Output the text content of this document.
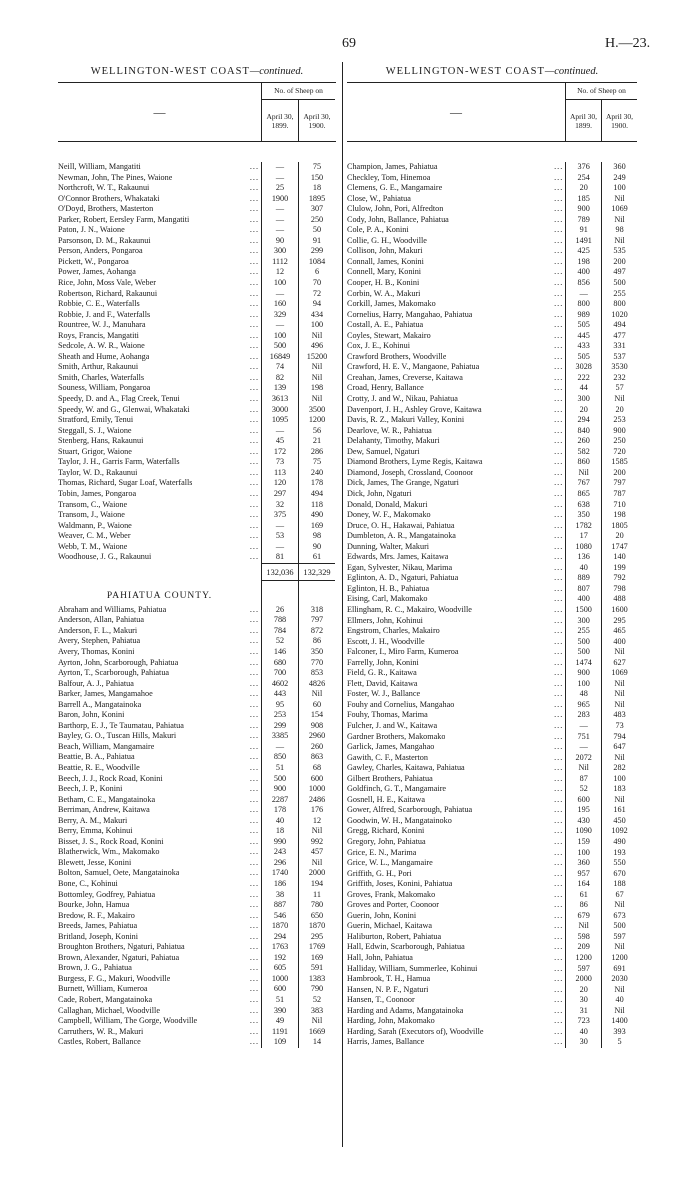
69	H.—23.
WELLINGTON-WEST COAST—continued.
—
No. of Sheep on
April 30, 1899.
April 30, 1900.
Neill, William, Mangatiti	...	—	75
Newman, John, The Pines, Waione	...	—	150
Northcroft, W. T., Rakaunui	...	25	18
O'Connor Brothers, Whakataki	...	1900	1895
O'Doyd, Brothers, Masterton	...	—	307
Parker, Robert, Eersley Farm, Mangatiti	...	—	250
Paton, J. N., Waione	...	—	50
Parsonson, D. M., Rakaunui	...	90	91
Person, Anders, Pongaroa	...	300	299
Pickett, W., Pongaroa	...	1112	1084
Power, James, Aohanga	...	12	6
Rice, John, Moss Vale, Weber	...	100	70
Robertson, Richard, Rakaunui	...	—	72
Robbie, C. E., Waterfalls	...	160	94
Robbie, J. and F., Waterfalls	...	329	434
Rountree, W. J., Manuhara	...	—	100
Roys, Francis, Mangatiti	...	100	Nil
Sedcole, A. W. R., Waione	...	500	496
Sheath and Hume, Aohanga	...	16849	15200
Smith, Arthur, Rakaunui	...	74	Nil
Smith, Charles, Waterfalls	...	82	Nil
Souness, William, Pongaroa	...	139	198
Speedy, D. and A., Flag Creek, Tenui	...	3613	Nil
Speedy, W. and G., Glenwai, Whakataki	...	3000	3500
Stratford, Emily, Tenui	...	1095	1200
Steggall, S. J., Waione	...	—	56
Stenberg, Hans, Rakaunui	...	45	21
Stuart, Grigor, Waione	...	172	286
Taylor, J. H., Garris Farm, Waterfalls	...	73	75
Taylor, W. D., Rakaunui	...	113	240
Thomas, Richard, Sugar Loaf, Waterfalls	...	120	178
Tobin, James, Pongaroa	...	297	494
Transom, C., Waione	...	32	118
Transom, J., Waione	...	375	490
Waldmann, P., Waione	...	—	169
Weaver, C. M., Weber	...	53	98
Webb, T. M., Waione	...	—	90
Woodhouse, J. G., Rakaunui	...	81	61
132,036	132,329
PAHIATUA COUNTY.
Abraham and Williams, Pahiatua	...	26	318
Anderson, Allan, Pahiatua	...	788	797
Anderson, F. L., Makuri	...	784	872
Avery, Stephen, Pahiatua	...	52	86
Avery, Thomas, Konini	...	146	350
Ayrton, John, Scarborough, Pahiatua	...	680	770
Ayrton, T., Scarborough, Pahiatua	...	700	853
Balfour, A. J., Pahiatua	...	4602	4826
Barker, James, Mangamahoe	...	443	Nil
Barrell A., Mangatainoka	...	95	60
Baron, John, Konini	...	253	154
Barthorp, E. J., Te Taumatau, Pahiatua	...	299	908
Bayley, G. O., Tuscan Hills, Makuri	...	3385	2960
Beach, William, Mangamaire	...	—	260
Beattie, B. A., Pahiatua	...	850	863
Beattie, R. E., Woodville	...	51	68
Beech, J. J., Rock Road, Konini	...	500	600
Beech, J. P., Konini	...	900	1000
Betham, C. E., Mangatainoka	...	2287	2486
Berriman, Andrew, Kaitawa	...	178	176
Berry, A. M., Makuri	...	40	12
Berry, Emma, Kohinui	...	18	Nil
Bisset, J. S., Rock Road, Konini	...	990	992
Blatherwick, Wm., Makomako	...	243	457
Blewett, Jesse, Konini	...	296	Nil
Bolton, Samuel, Oete, Mangatainoka	...	1740	2000
Bone, C., Kohinui	...	186	194
Bottomley, Godfrey, Pahiatua	...	38	11
Bourke, John, Hamua	...	887	780
Bredow, R. F., Makairo	...	546	650
Breeds, James, Pahiatua	...	1870	1870
Britland, Joseph, Konini	...	294	295
Broughton Brothers, Ngaturi, Pahiatua	...	1763	1769
Brown, Alexander, Ngaturi, Pahiatua	...	192	169
Brown, J. G., Pahiatua	...	605	591
Burgess, F. G., Makuri, Woodville	...	1000	1383
Burnett, William, Kumeroa	...	600	790
Cade, Robert, Mangatainoka	...	51	52
Callaghan, Michael, Woodville	...	390	383
Campbell, William, The Gorge, Woodville	...	49	Nil
Carruthers, W. R., Makuri	...	1191	1669
Castles, Robert, Ballance	...	109	14
WELLINGTON-WEST COAST—continued.
—
No. of Sheep on
April 30, 1899.
April 30, 1900.
Champion, James, Pahiatua	...	376	360
Checkley, Tom, Hinemoa	...	254	249
Clemens, G. E., Mangamaire	...	20	100
Close, W., Pahiatua	...	185	Nil
Clulow, John, Pori, Alfredton	...	900	1069
Cody, John, Ballance, Pahiatua	...	789	Nil
Cole, P. A., Konini	...	91	98
Collie, G. H., Woodville	...	1491	Nil
Collison, John, Makuri	...	425	535
Connall, James, Konini	...	198	200
Connell, Mary, Konini	...	400	497
Cooper, H. B., Konini	...	856	500
Corbin, W. A., Makuri	...	—	255
Corkill, James, Makomako	...	800	800
Cornelius, Harry, Mangahao, Pahiatua	...	989	1020
Costall, A. E., Pahiatua	...	505	494
Coyles, Stewart, Makairo	...	445	477
Cox, J. E., Kohinui	...	433	331
Crawford Brothers, Woodville	...	505	537
Crawford, H. E. V., Mangaone, Pahiatua	...	3028	3530
Creahan, James, Creverse, Kaitawa	...	222	232
Croad, Henry, Ballance	...	44	57
Crotty, J. and W., Nikau, Pahiatua	...	300	Nil
Davenport, J. H., Ashley Grove, Kaitawa	...	20	20
Davis, R. Z., Makuri Valley, Konini	...	294	253
Dearlove, W. R., Pahiatua	...	840	900
Delahanty, Timothy, Makuri	...	260	250
Dew, Samuel, Ngaturi	...	582	720
Diamond Brothers, Lyme Regis, Kaitawa	...	860	1585
Diamond, Joseph, Crossland, Coonoor	...	Nil	200
Dick, James, The Grange, Ngaturi	...	767	797
Dick, John, Ngaturi	...	865	787
Donald, Donald, Makuri	...	638	710
Doney, W. F., Makomako	...	350	198
Druce, O. H., Hakawai, Pahiatua	...	1782	1805
Dumbleton, A. R., Mangatainoka	...	17	20
Dunning, Walter, Makuri	...	1080	1747
Edwards, Mrs. James, Kaitawa	...	136	140
Egan, Sylvester, Nikau, Marima	...	40	199
Eglinton, A. D., Ngaturi, Pahiatua	...	889	792
Eglinton, H. B., Pahiatua	...	807	798
Eising, Carl, Makomako	...	400	488
Ellingham, R. C., Makairo, Woodville	...	1500	1600
Ellmers, John, Kohinui	...	300	295
Engstrom, Charles, Makairo	...	255	465
Escott, J. H., Woodville	...	500	400
Falconer, I., Miro Farm, Kumeroa	...	500	Nil
Farrelly, John, Konini	...	1474	627
Field, G. R., Kaitawa	...	900	1069
Flett, David, Kaitawa	...	100	Nil
Foster, W. J., Ballance	...	48	Nil
Fouhy and Cornelius, Mangahao	...	965	Nil
Fouhy, Thomas, Marima	...	283	483
Fulcher, J. and W., Kaitawa	...	—	73
Gardner Brothers, Makomako	...	751	794
Garlick, James, Mangahao	...	—	647
Gawith, C. F., Masterton	...	2072	Nil
Gawley, Charles, Kaitawa, Pahiatua	...	Nil	282
Gilbert Brothers, Pahiatua	...	87	100
Goldfinch, G. T., Mangamaire	...	52	183
Gosnell, H. E., Kaitawa	...	600	Nil
Gower, Alfred, Scarborough, Pahiatua	...	195	161
Goodwin, W. H., Mangatainoko	...	430	450
Gregg, Richard, Konini	...	1090	1092
Gregory, John, Pahiatua	...	159	490
Grice, E. N., Marima	...	100	193
Grice, W. L., Mangamaire	...	360	550
Griffith, G. H., Pori	...	957	670
Griffith, Joses, Konini, Pahiatua	...	164	188
Groves, Frank, Makomako	...	61	67
Groves and Porter, Coonoor	...	86	Nil
Guerin, John, Konini	...	679	673
Guerin, Michael, Kaitawa	...	Nil	500
Haliburton, Robert, Pahiatua	...	598	597
Hall, Edwin, Scarborough, Pahiatua	...	209	Nil
Hall, John, Pahiatua	...	1200	1200
Halliday, William, Summerlee, Kohinui	...	597	691
Hambrook, T. H., Hamua	...	2000	2030
Hansen, N. P. F., Ngaturi	...	20	Nil
Hansen, T., Coonoor	...	30	40
Harding and Adams, Mangatainoka	...	31	Nil
Harding, John, Makomako	...	723	1400
Harding, Sarah (Executors of), Woodville	...	40	393
Harris, James, Ballance	...	30	5
